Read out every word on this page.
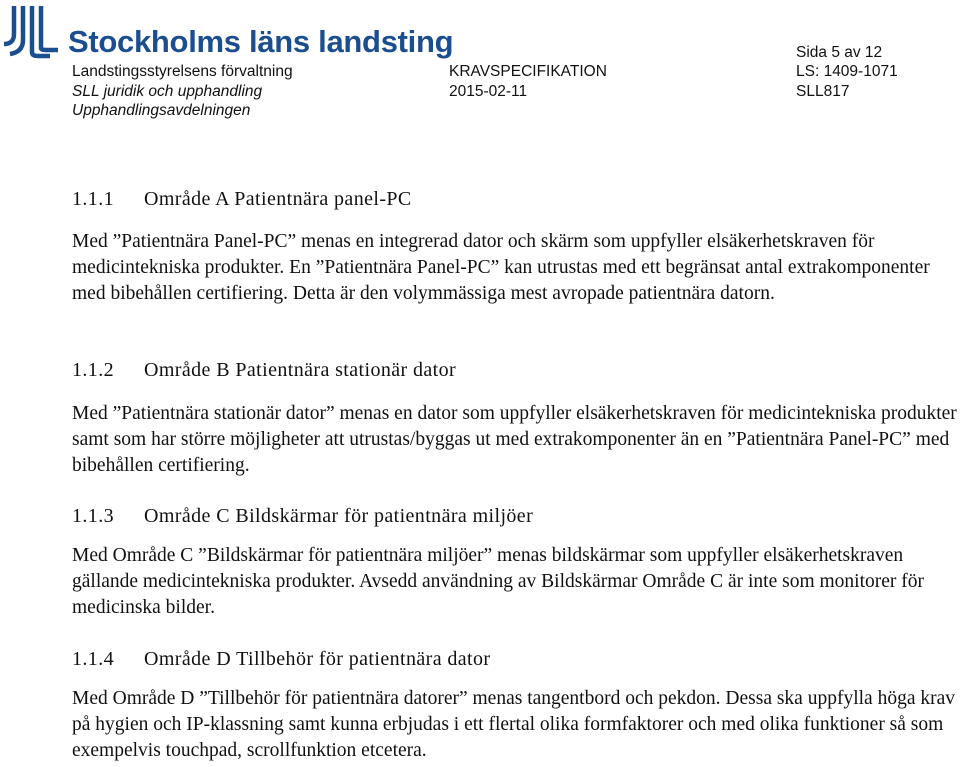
Stockholms läns landsting	Sida 5 av 12
Landstingsstyrelsens förvaltning
SLL juridik och upphandling
Upphandlingsavdelningen
KRAVSPECIFIKATION
2015-02-11
LS: 1409-1071
SLL817
1.1.1 Område A Patientnära panel-PC
Med ”Patientnära Panel-PC” menas en integrerad dator och skärm som uppfyller elsäkerhetskraven för medicintekniska produkter. En ”Patientnära Panel-PC” kan utrustas med ett begränsat antal extrakomponenter med bibehållen certifiering. Detta är den volymmässiga mest avropade patientnära datorn.
1.1.2 Område B Patientnära stationär dator
Med ”Patientnära stationär dator” menas en dator som uppfyller elsäkerhetskraven för medicintekniska produkter samt som har större möjligheter att utrustas/byggas ut med extrakomponenter än en ”Patientnära Panel-PC” med bibehållen certifiering.
1.1.3 Område C Bildskärmar för patientnära miljöer
Med Område C ”Bildskärmar för patientnära miljöer” menas bildskärmar som uppfyller elsäkerhetskraven gällande medicintekniska produkter. Avsedd användning av Bildskärmar Område C är inte som monitorer för medicinska bilder.
1.1.4 Område D Tillbehör för patientnära dator
Med Område D ”Tillbehör för patientnära datorer” menas tangentbord och pekdon. Dessa ska uppfylla höga krav på hygien och IP-klassning samt kunna erbjudas i ett flertal olika formfaktorer och med olika funktioner så som exempelvis touchpad, scrollfunktion etcetera.
